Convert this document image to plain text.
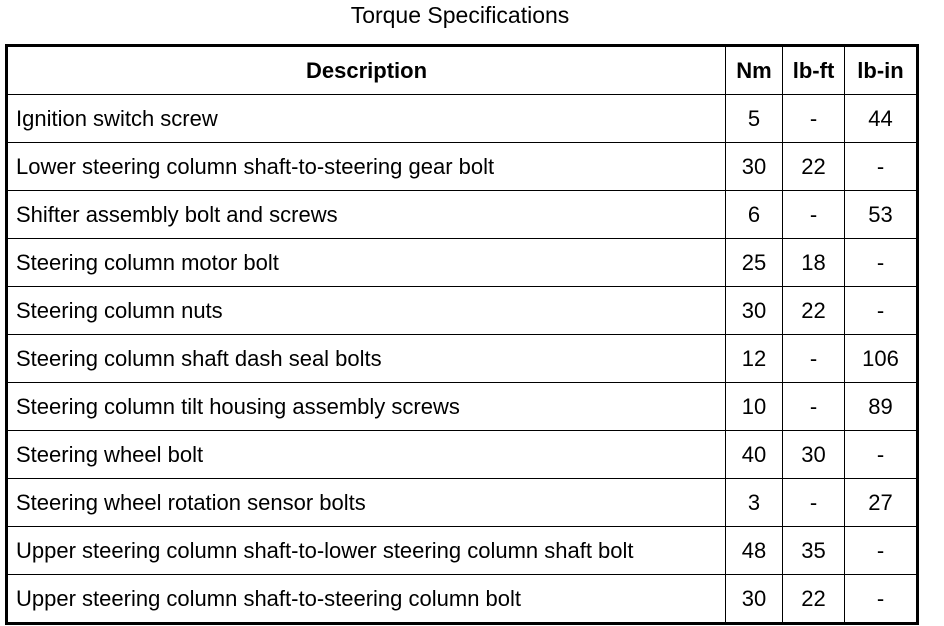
Torque Specifications
Description	Nm	lb-ft	lb-in
Ignition switch screw	5	-	44
Lower steering column shaft-to-steering gear bolt	30	22	-
Shifter assembly bolt and screws	6	-	53
Steering column motor bolt	25	18	-
Steering column nuts	30	22	-
Steering column shaft dash seal bolts	12	-	106
Steering column tilt housing assembly screws	10	-	89
Steering wheel bolt	40	30	-
Steering wheel rotation sensor bolts	3	-	27
Upper steering column shaft-to-lower steering column shaft bolt	48	35	-
Upper steering column shaft-to-steering column bolt	30	22	-
